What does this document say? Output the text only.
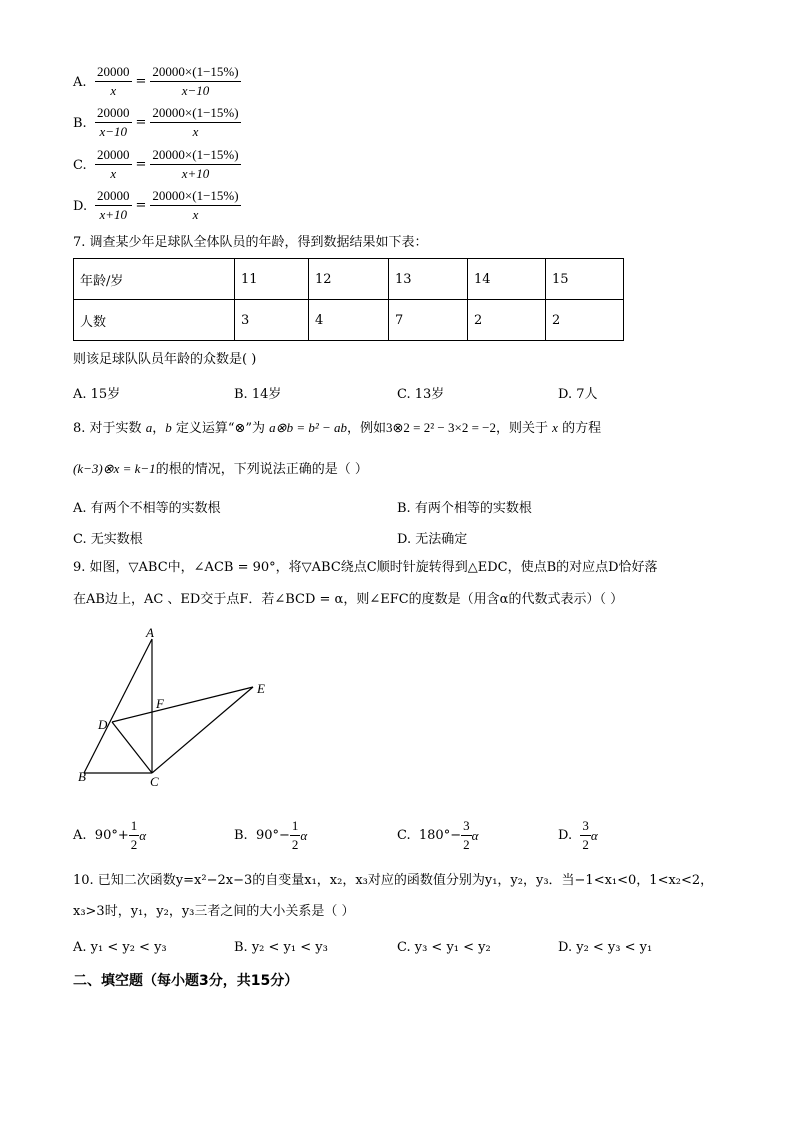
A. $\frac{20000}{x} = \frac{20000\times(1-15\%)}{x-10}$
B. $\frac{20000}{x-10} = \frac{20000\times(1-15\%)}{x}$
C. $\frac{20000}{x} = \frac{20000\times(1-15\%)}{x+10}$
D. $\frac{20000}{x+10} = \frac{20000\times(1-15\%)}{x}$
7. 调查某少年足球队全体队员的年龄，得到数据结果如下表：
年龄/岁	11	12	13	14	15
人数	3	4	7	2	2
则该足球队队员年龄的众数是( )
A. 15岁	B. 14岁	C. 13岁	D. 7人
8. 对于实数 a，b 定义运算“⊗”为 a⊗b = b² − ab，例如3⊗2 = 2² − 3×2 = −2，则关于 x 的方程
(k−3)⊗x = k−1的根的情况，下列说法正确的是（ ）
A. 有两个不相等的实数根	B. 有两个相等的实数根
C. 无实数根	D. 无法确定
9. 如图，▽ABC中，∠ACB = 90°，将▽ABC绕点C顺时针旋转得到△EDC，使点B的对应点D恰好落
在AB边上，AC 、ED交于点F．若∠BCD = α，则∠EFC的度数是（用含α的代数式表示）（ ）
A
B	C
D
E
F
A.
$90^\circ+ \frac{1}{2}$ α	B.
$90^\circ- \frac{1}{2}$ α	C.
$180^\circ- \frac{3}{2}$ α	D.
$\frac{3}{2}$ α
10. 已知二次函数y=x²−2x−3的自变量x₁，x₂，x₃对应的函数值分别为y₁，y₂，y₃．当−1<x₁<0，1<x₂<2，
x₃>3时，y₁，y₂，y₃三者之间的大小关系是（ ）
A. y₁ < y₂ < y₃	B. y₂ < y₁ < y₃	C. y₃ < y₁ < y₂	D. y₂ < y₃ < y₁
二、填空题（每小题3分，共15分）
